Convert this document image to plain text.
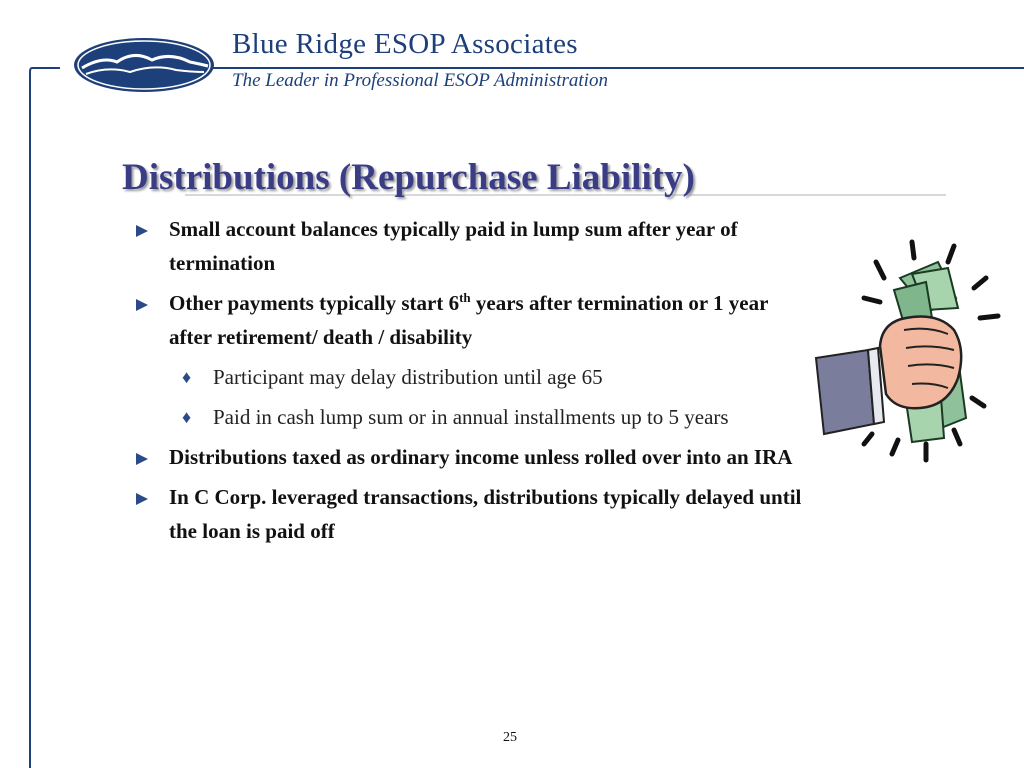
Blue Ridge ESOP Associates
The Leader in Professional ESOP Administration
Distributions (Repurchase Liability)
Small account balances typically paid in lump sum after year of termination
Other payments typically start 6th years after termination or 1 year after retirement/ death / disability
♦ Participant may delay distribution until age 65
♦ Paid in cash lump sum or in annual installments up to 5 years
Distributions taxed as ordinary income unless rolled over into an IRA
In C Corp. leveraged transactions, distributions typically delayed until the loan is paid off
25
